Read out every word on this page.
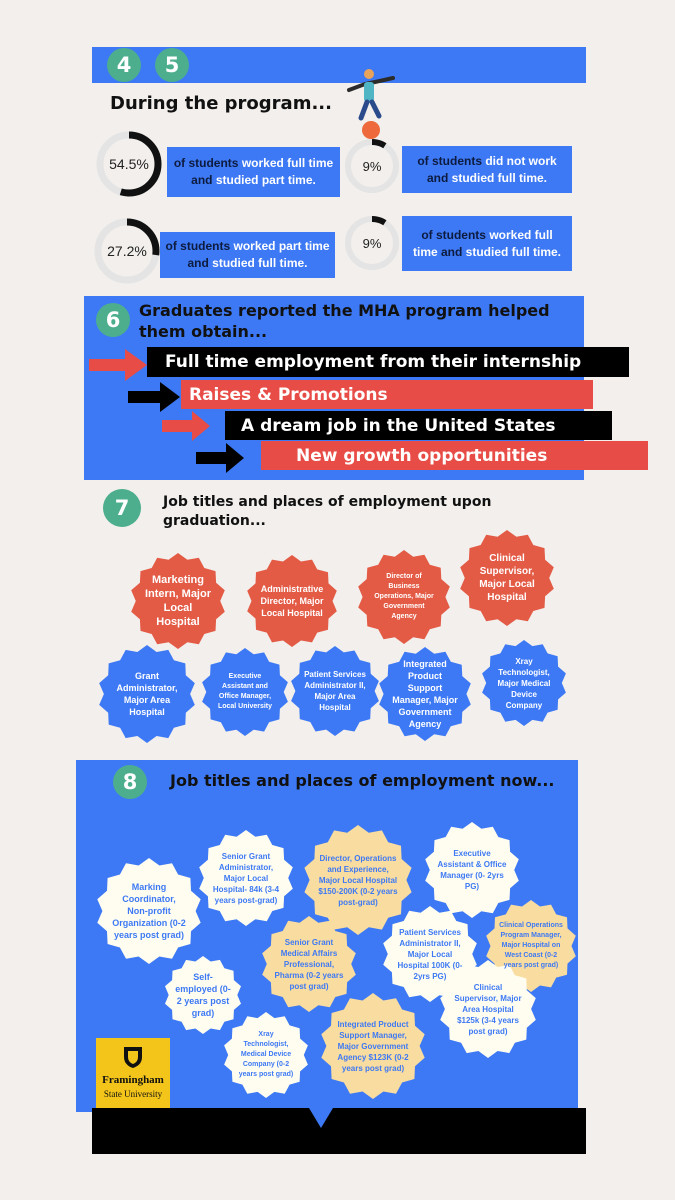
4	5
During the program...
54.5%	of students worked full time
and studied part time.
9%	of students did not work
and studied full time.
27.2%	of students worked part time
and studied full time.
9%
of students worked full
time and studied full time.
6	Graduates reported the MHA program helped
them obtain...
Full time employment from their internship
Raises & Promotions
A dream job in the United States
New growth opportunities
7	Job titles and places of employment upon
graduation...
Marketing Intern, Major Local Hospital
Administrative Director, Major Local Hospital
Director of Business Operations, Major Government Agency
Clinical Supervisor, Major Local Hospital
Grant Administrator, Major Area Hospital
Executive Assistant and Office Manager, Local University
Patient Services Administrator II, Major Area Hospital
Integrated Product Support Manager, Major Government Agency
Xray Technologist, Major Medical Device Company
8	Job titles and places of employment now...
Marking Coordinator, Non-profit Organization (0-2 years post grad)
Senior Grant Administrator, Major Local Hospital- 84k (3-4 years post-grad)
Director, Operations and Experience, Major Local Hospital $150-200K (0-2 years post-grad)
Executive Assistant & Office Manager (0- 2yrs PG)
Senior Grant Medical Affairs Professional, Pharma (0-2 years post grad)
Patient Services Administrator II, Major Local Hospital 100K (0- 2yrs PG)
Clinical Operations Program Manager, Major Hospital on West Coast (0-2 years post grad)
Self-employed (0-2 years post grad)
Clinical Supervisor, Major Area Hospital $125k (3-4 years post grad)
Integrated Product Support Manager, Major Government Agency $123K (0-2 years post grad)
Xray Technologist, Medical Device Company (0-2 years post grad)
Framingham
State University
